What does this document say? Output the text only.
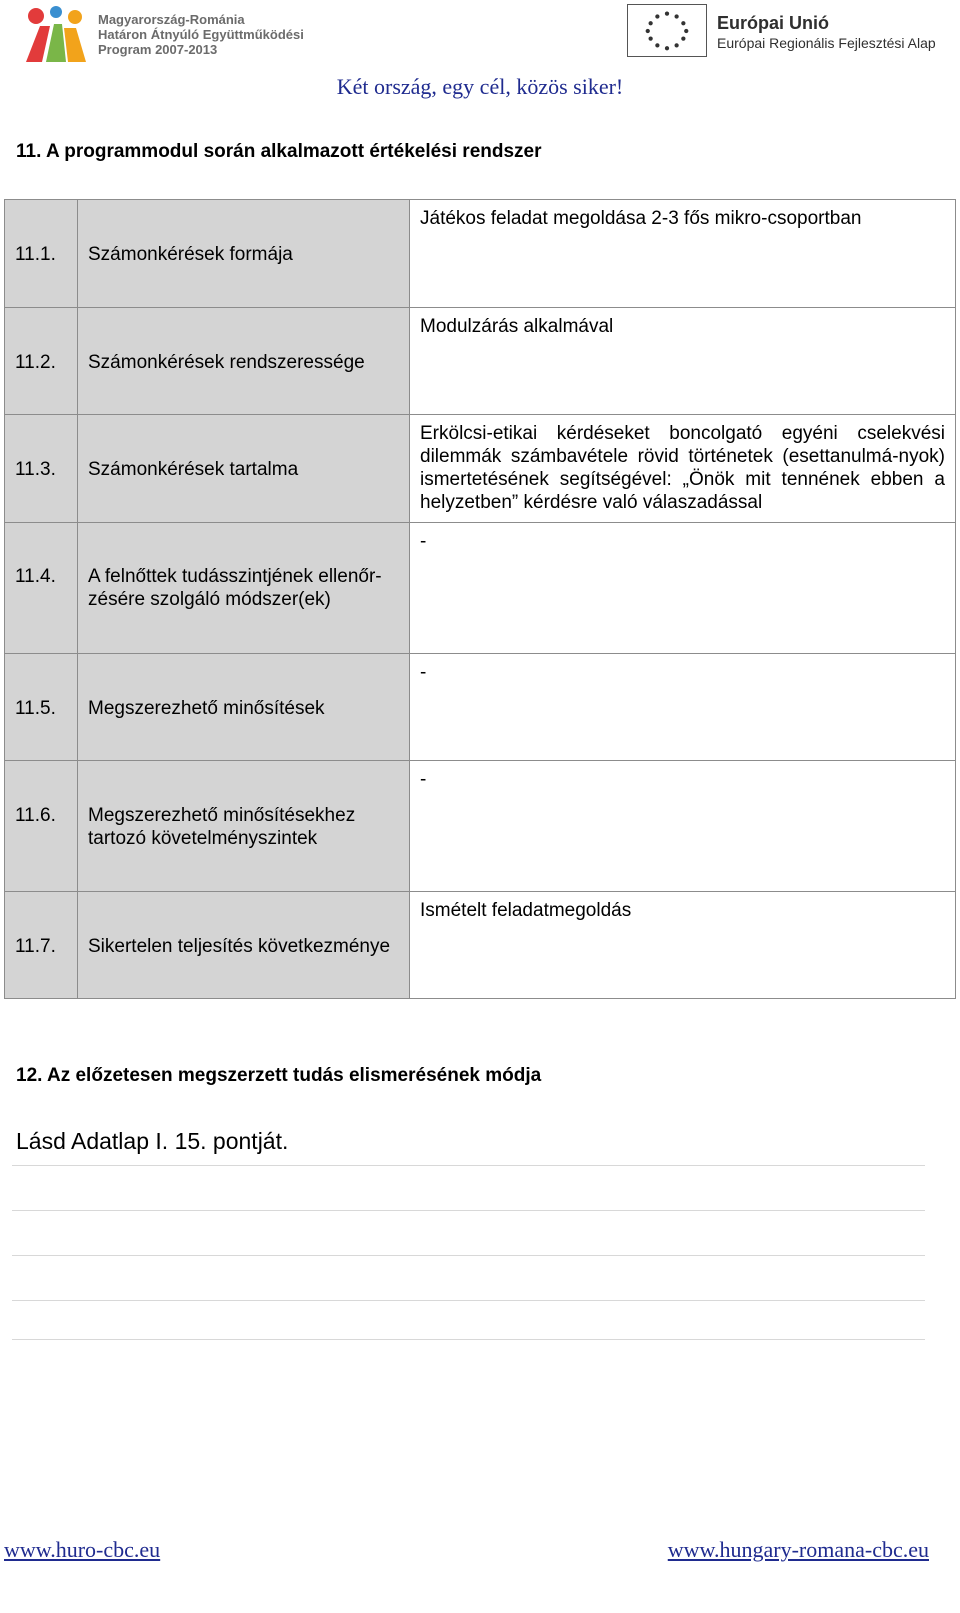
Magyarország-Románia
Határon Átnyúló Együttműködési
Program 2007-2013
Európai Unió
Európai Regionális Fejlesztési Alap
Két ország, egy cél, közös siker!
11. A programmodul során alkalmazott értékelési rendszer
11.1.	Számonkérések formája	Játékos feladat megoldása 2-3 fős mikro-csoportban

11.2.	Számonkérések rendszeressége	Modulzárás alkalmával

11.3.	Számonkérések tartalma	Erkölcsi-etikai kérdéseket boncolgató egyéni cselekvési dilemmák számbavétele rövid történetek (esettanulmá-nyok) ismertetésének segítségével: „Önök mit tennének ebben a helyzetben” kérdésre való válaszadással

11.4.	A felnőttek tudásszintjének ellenőr-zésére szolgáló módszer(ek)	-

11.5.	Megszerezhető minősítések	-

11.6.	Megszerezhető minősítésekhez tartozó követelményszintek	-

11.7.	Sikertelen teljesítés következménye	Ismételt feladatmegoldás
12. Az előzetesen megszerzett tudás elismerésének módja
Lásd Adatlap I. 15. pontját.
www.huro-cbc.eu	www.hungary-romana-cbc.eu
